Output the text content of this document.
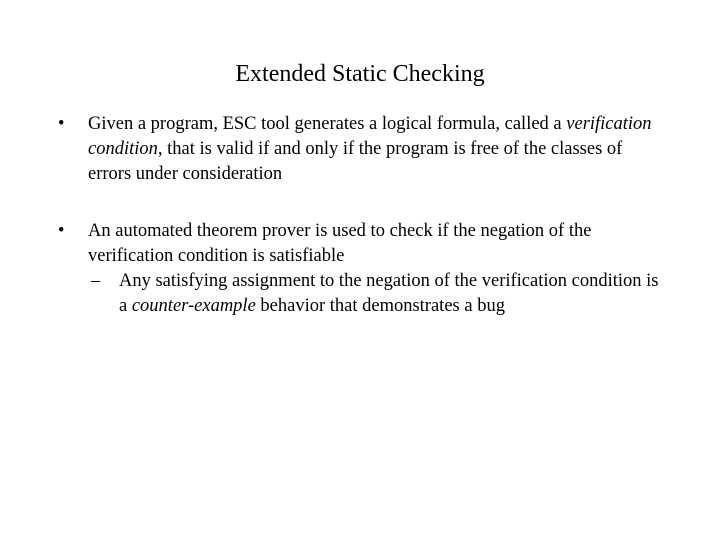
Extended Static Checking
• Given a program, ESC tool generates a logical formula, called a verification condition, that is valid if and only if the program is free of the classes of errors under consideration
• An automated theorem prover is used to check if the negation of the verification condition is satisfiable
– Any satisfying assignment to the negation of the verification condition is a counter-example behavior that demonstrates a bug
